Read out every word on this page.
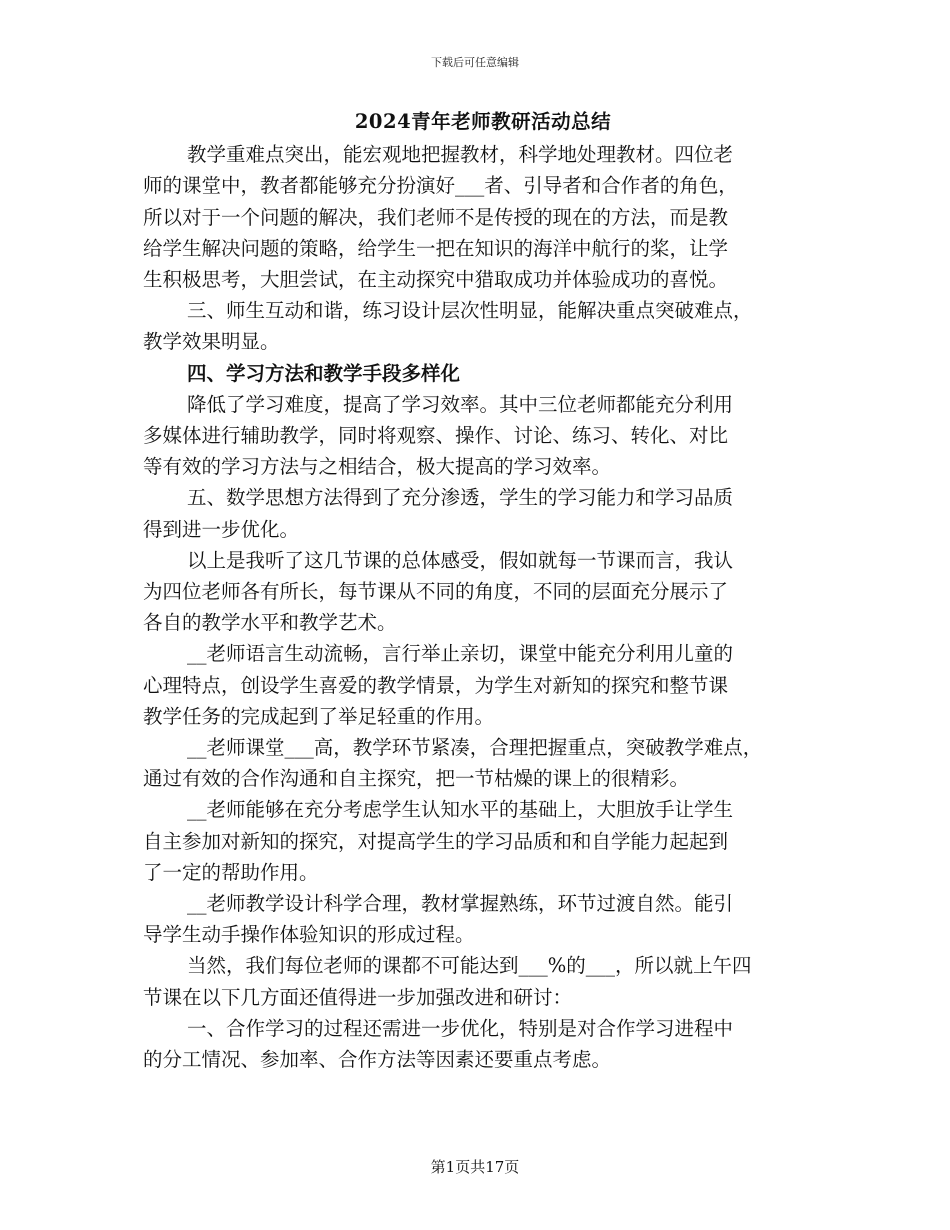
下载后可任意编辑
2024青年老师教研活动总结
教学重难点突出，能宏观地把握教材，科学地处理教材。四位老
师的课堂中，教者都能够充分扮演好___者、引导者和合作者的角色，
所以对于一个问题的解决，我们老师不是传授的现在的方法，而是教
给学生解决问题的策略，给学生一把在知识的海洋中航行的桨，让学
生积极思考，大胆尝试，在主动探究中猎取成功并体验成功的喜悦。
三、师生互动和谐，练习设计层次性明显，能解决重点突破难点，
教学效果明显。
四、学习方法和教学手段多样化
降低了学习难度，提高了学习效率。其中三位老师都能充分利用
多媒体进行辅助教学，同时将观察、操作、讨论、练习、转化、对比
等有效的学习方法与之相结合，极大提高的学习效率。
五、数学思想方法得到了充分渗透，学生的学习能力和学习品质
得到进一步优化。
以上是我听了这几节课的总体感受，假如就每一节课而言，我认
为四位老师各有所长，每节课从不同的角度，不同的层面充分展示了
各自的教学水平和教学艺术。
__老师语言生动流畅，言行举止亲切，课堂中能充分利用儿童的
心理特点，创设学生喜爱的教学情景，为学生对新知的探究和整节课
教学任务的完成起到了举足轻重的作用。
__老师课堂___高，教学环节紧凑，合理把握重点，突破教学难点，
通过有效的合作沟通和自主探究，把一节枯燥的课上的很精彩。
__老师能够在充分考虑学生认知水平的基础上，大胆放手让学生
自主参加对新知的探究，对提高学生的学习品质和和自学能力起起到
了一定的帮助作用。
__老师教学设计科学合理，教材掌握熟练，环节过渡自然。能引
导学生动手操作体验知识的形成过程。
当然，我们每位老师的课都不可能达到___%的___，所以就上午四
节课在以下几方面还值得进一步加强改进和研讨：
一、合作学习的过程还需进一步优化，特别是对合作学习进程中
的分工情况、参加率、合作方法等因素还要重点考虑。
第1页共17页
